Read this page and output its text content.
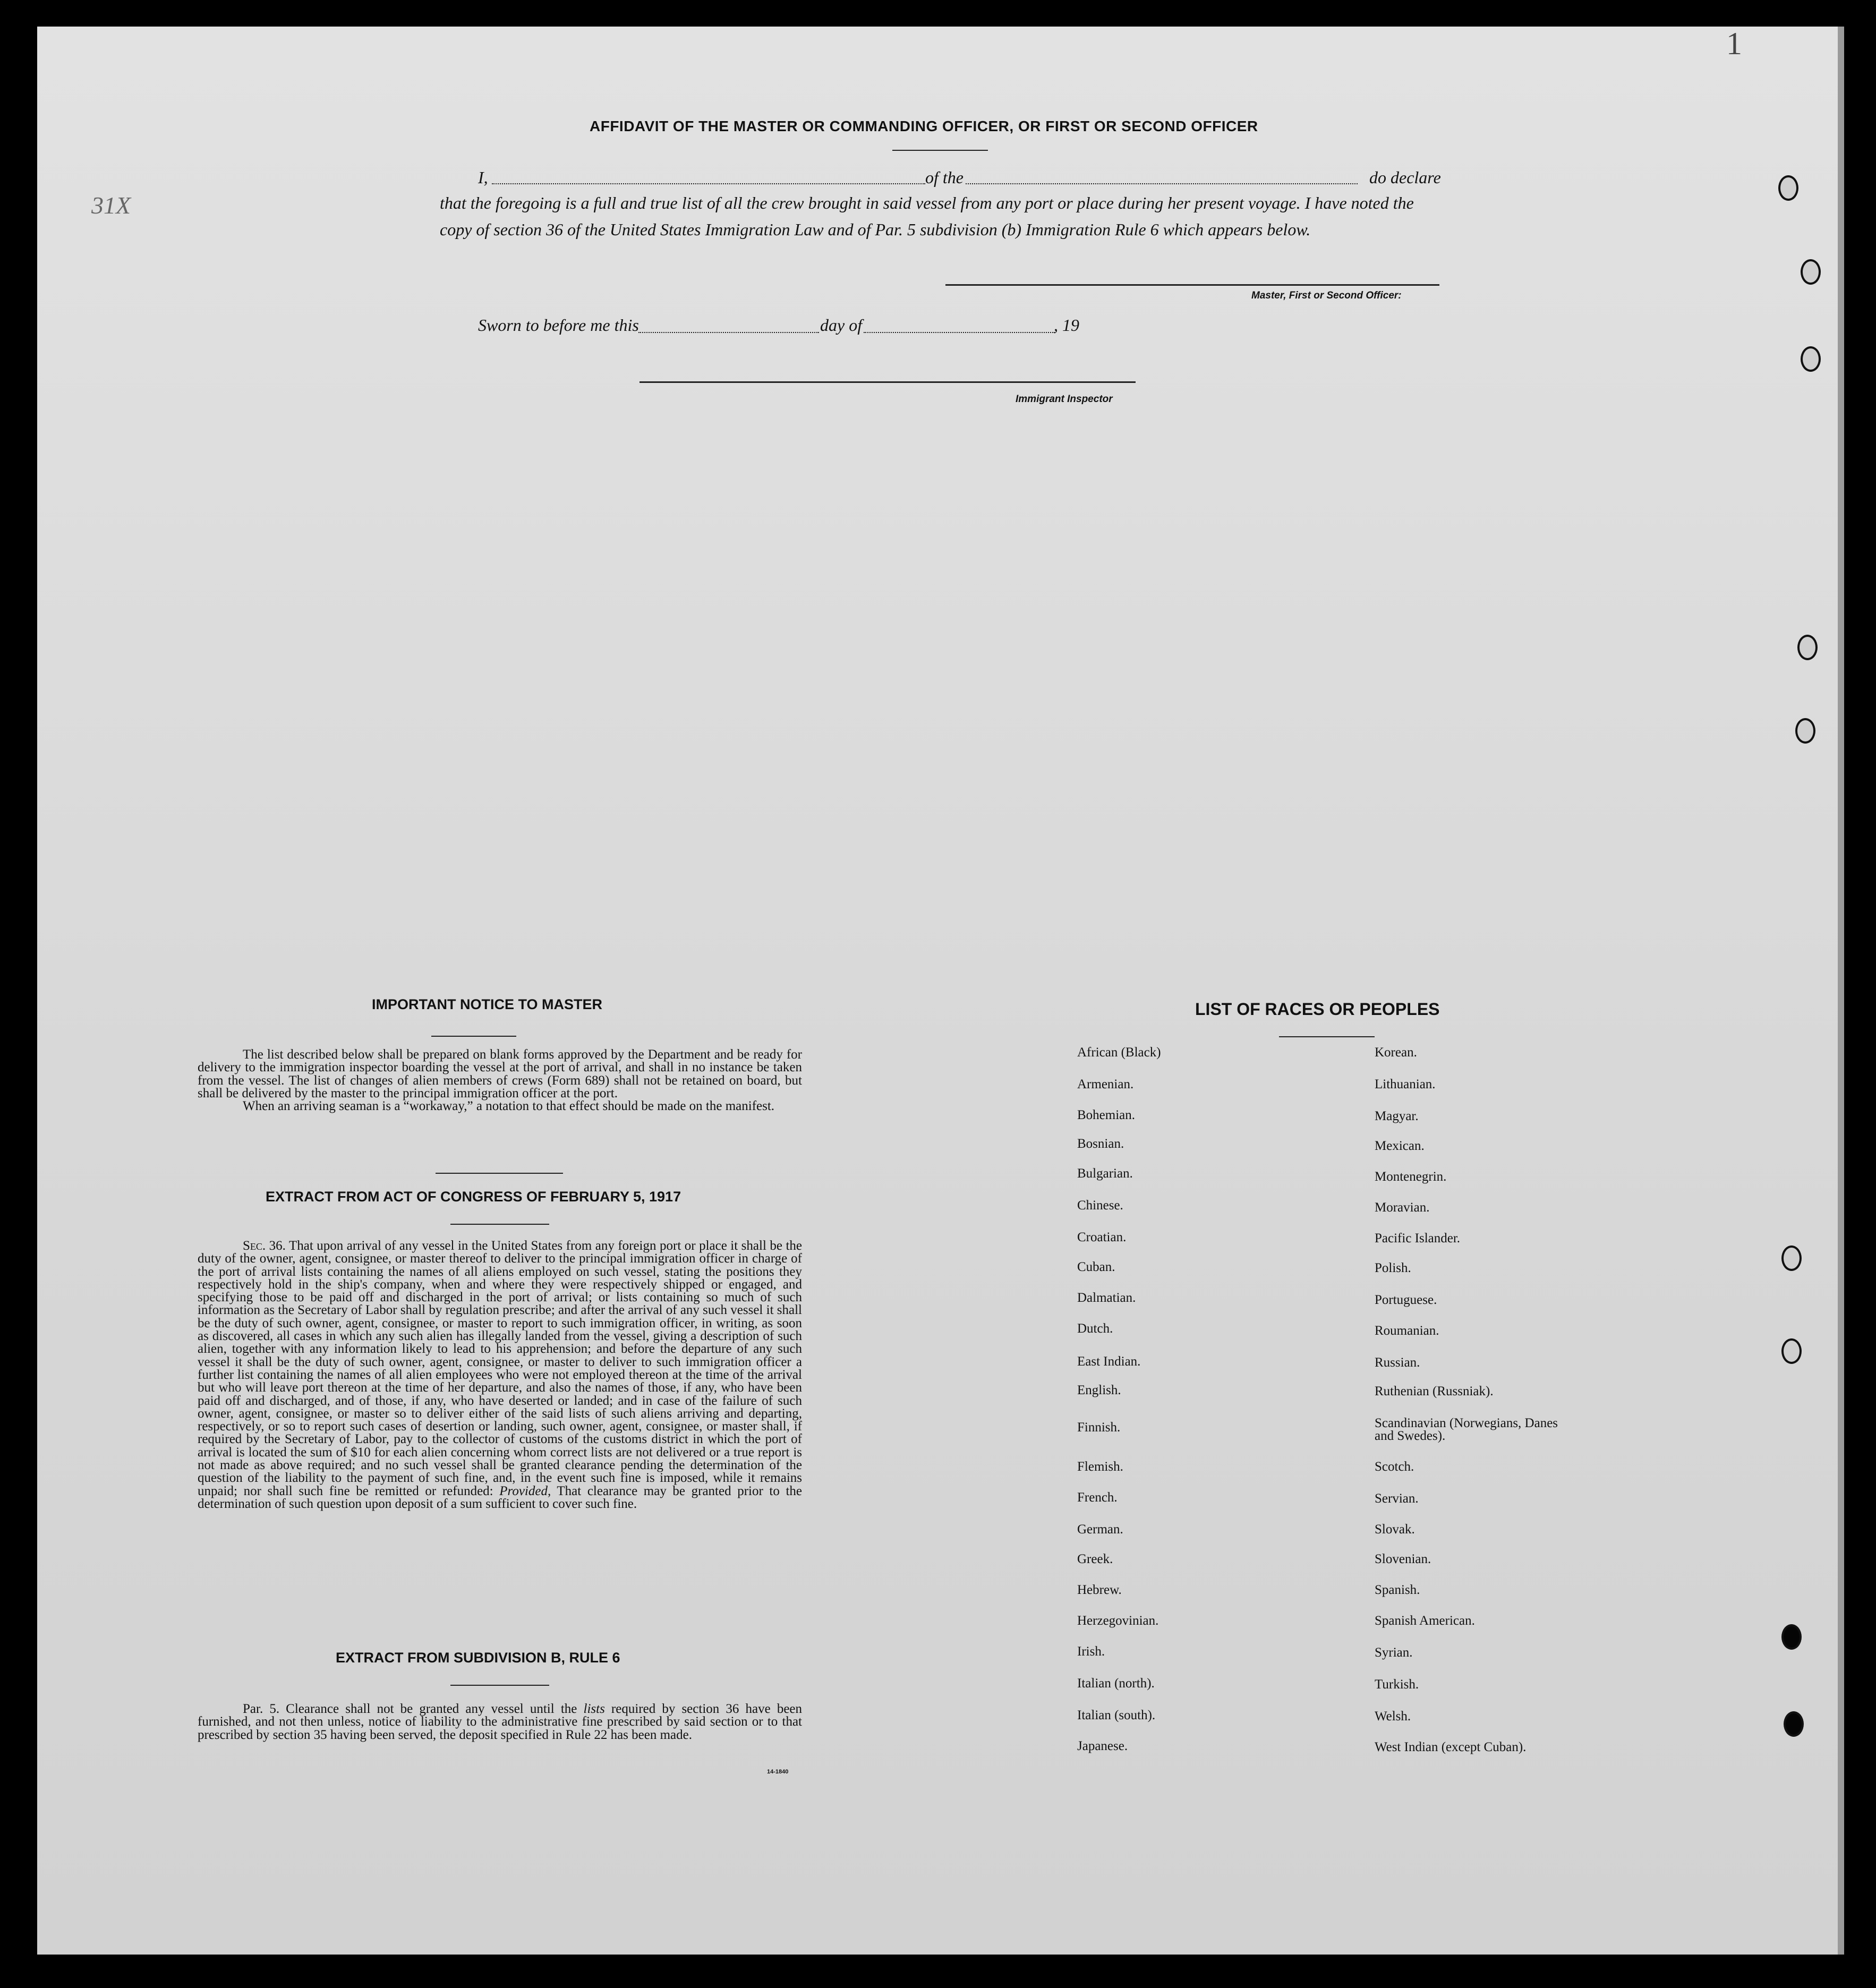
1
31X
AFFIDAVIT OF THE MASTER OR COMMANDING OFFICER, OR FIRST OR SECOND OFFICER
I,	of the	do declare
that the foregoing is a full and true list of all the crew brought in said vessel from any port or place during her present voyage. I have noted the
copy of section 36 of the United States Immigration Law and of Par. 5 subdivision (b) Immigration Rule 6 which appears below.
Master, First or Second Officer:
Sworn to before me this	day of	, 19
Immigrant Inspector
IMPORTANT NOTICE TO MASTER

The list described below shall be prepared on blank forms approved by the Department and be ready for delivery to the immigration inspector boarding the vessel at the port of arrival, and shall in no instance be taken from the vessel. The list of changes of alien members of crews (Form 689) shall not be retained on board, but shall be delivered by the master to the principal immigration officer at the port.

When an arriving seaman is a “workaway,” a notation to that effect should be made on the manifest.

EXTRACT FROM ACT OF CONGRESS OF FEBRUARY 5, 1917

Sec. 36. That upon arrival of any vessel in the United States from any foreign port or place it shall be the duty of the owner, agent, consignee, or master thereof to deliver to the principal immigration officer in charge of the port of arrival lists containing the names of all aliens employed on such vessel, stating the positions they respectively hold in the ship's company, when and where they were respectively shipped or engaged, and specifying those to be paid off and discharged in the port of arrival; or lists containing so much of such information as the Secretary of Labor shall by regulation prescribe; and after the arrival of any such vessel it shall be the duty of such owner, agent, consignee, or master to report to such immigration officer, in writing, as soon as discovered, all cases in which any such alien has illegally landed from the vessel, giving a description of such alien, together with any information likely to lead to his apprehension; and before the departure of any such vessel it shall be the duty of such owner, agent, consignee, or master to deliver to such immigration officer a further list containing the names of all alien employees who were not employed thereon at the time of the arrival but who will leave port thereon at the time of her departure, and also the names of those, if any, who have been paid off and discharged, and of those, if any, who have deserted or landed; and in case of the failure of such owner, agent, consignee, or master so to deliver either of the said lists of such aliens arriving and departing, respectively, or so to report such cases of desertion or landing, such owner, agent, consignee, or master shall, if required by the Secretary of Labor, pay to the collector of customs of the customs district in which the port of arrival is located the sum of $10 for each alien concerning whom correct lists are not delivered or a true report is not made as above required; and no such vessel shall be granted clearance pending the determination of the question of the liability to the payment of such fine, and, in the event such fine is imposed, while it remains unpaid; nor shall such fine be remitted or refunded: Provided, That clearance may be granted prior to the determination of such question upon deposit of a sum sufficient to cover such fine.

EXTRACT FROM SUBDIVISION B, RULE 6

Par. 5. Clearance shall not be granted any vessel until the lists required by section 36 have been furnished, and not then unless, notice of liability to the administrative fine prescribed by said section or to that prescribed by section 35 having been served, the deposit specified in Rule 22 has been made.

14-1840
LIST OF RACES OR PEOPLES
African (Black)
Armenian.
Bohemian.
Bosnian.
Bulgarian.
Chinese.
Croatian.
Cuban.
Dalmatian.
Dutch.
East Indian.
English.
Finnish.
Flemish.
French.
German.
Greek.
Hebrew.
Herzegovinian.
Irish.
Italian (north).
Italian (south).
Japanese.
Korean.
Lithuanian.
Magyar.
Mexican.
Montenegrin.
Moravian.
Pacific Islander.
Polish.
Portuguese.
Roumanian.
Russian.
Ruthenian (Russniak).
Scandinavian (Norwegians, Danes and Swedes).
Scotch.
Servian.
Slovak.
Slovenian.
Spanish.
Spanish American.
Syrian.
Turkish.
Welsh.
West Indian (except Cuban).
